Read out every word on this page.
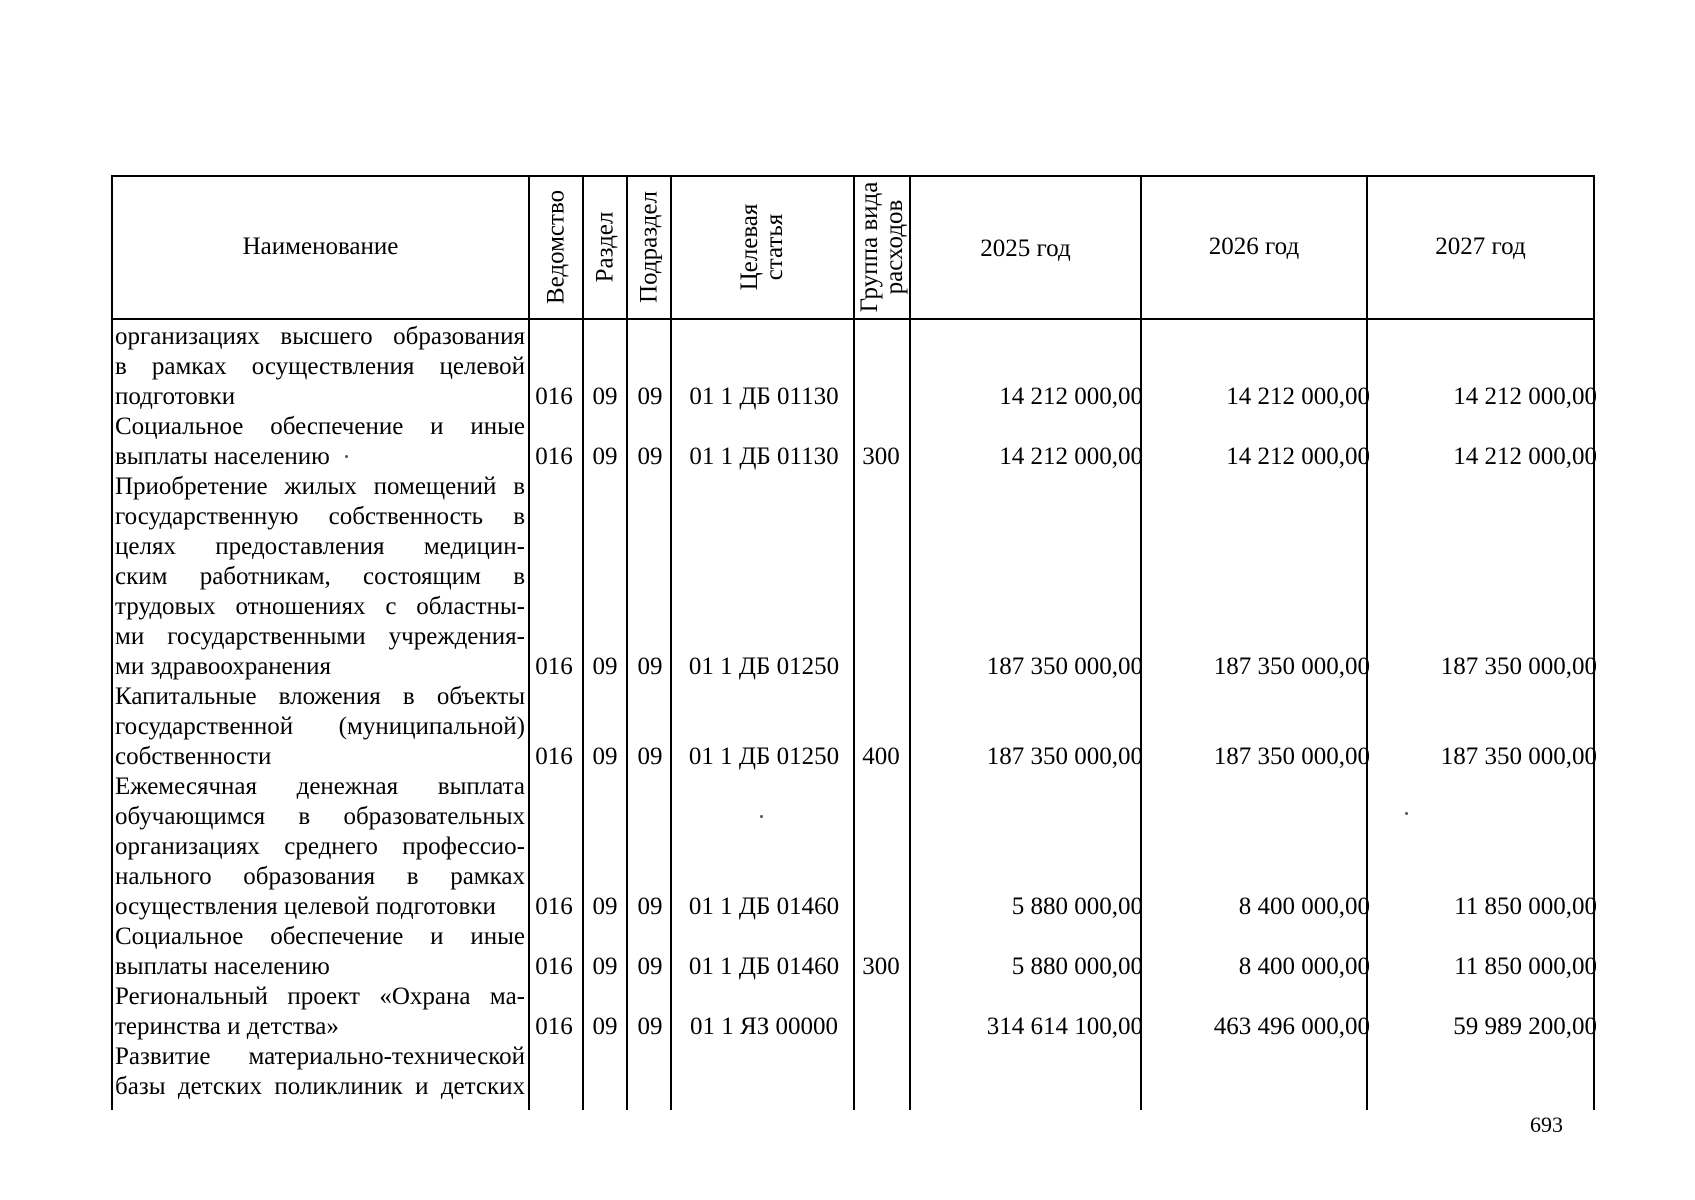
Наименование	Ведомство Раздел Подраздел	Целевая
статья	Группа вида
расходов	2025 год	2026 год	2027 год
организациях высшего образования
в рамках осуществления целевой
подготовки	016 09 09	01 1 ДБ 01130	14 212 000,00	14 212 000,00	14 212 000,00
Социальное обеспечение и иные
выплаты населению	016 09 09	01 1 ДБ 01130 300	14 212 000,00	14 212 000,00	14 212 000,00
Приобретение жилых помещений в
государственную собственность в
целях предоставления медицин-
ским работникам, состоящим в
трудовых отношениях с областны-
ми государственными учреждения-
ми здравоохранения	016 09 09	01 1 ДБ 01250	187 350 000,00	187 350 000,00	187 350 000,00
Капитальные вложения в объекты
государственной (муниципальной)
собственности	016 09 09	01 1 ДБ 01250 400	187 350 000,00	187 350 000,00	187 350 000,00
Ежемесячная денежная выплата
обучающимся в образовательных
организациях среднего профессио-
нального образования в рамках
осуществления целевой подготовки	016 09 09	01 1 ДБ 01460	5 880 000,00	8 400 000,00	11 850 000,00
Социальное обеспечение и иные
выплаты населению	016 09 09	01 1 ДБ 01460 300	5 880 000,00	8 400 000,00	11 850 000,00
Региональный проект «Охрана ма-
теринства и детства»	016 09 09	01 1 ЯЗ 00000	314 614 100,00	463 496 000,00	59 989 200,00
Развитие материально-технической
базы детских поликлиник и детских
693
